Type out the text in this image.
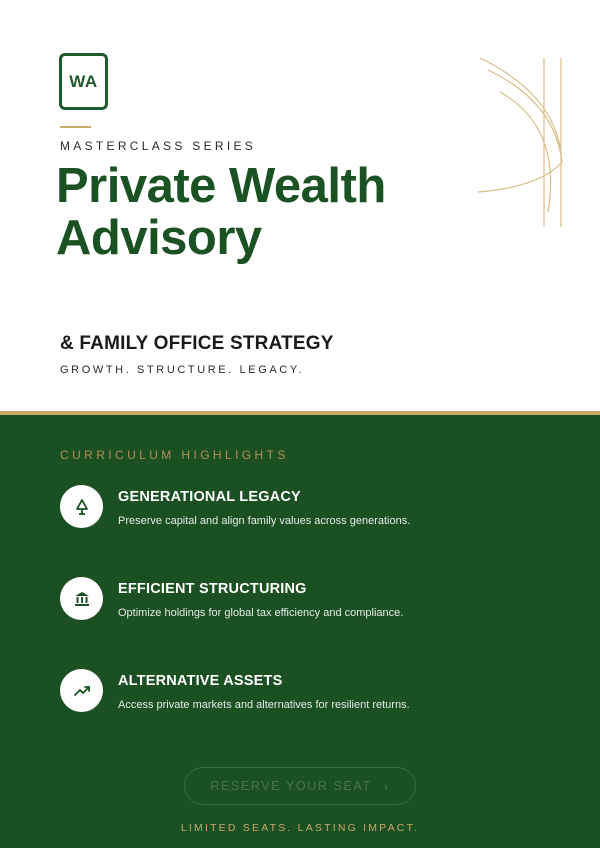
WA
MASTERCLASS SERIES
Private Wealth
Advisory
& FAMILY OFFICE STRATEGY
GROWTH. STRUCTURE. LEGACY.
CURRICULUM HIGHLIGHTS
GENERATIONAL LEGACY
Preserve capital and align family values across generations.
EFFICIENT STRUCTURING
Optimize holdings for global tax efficiency and compliance.
ALTERNATIVE ASSETS
Access private markets and alternatives for resilient returns.
RESERVE YOUR SEAT ›
LIMITED SEATS. LASTING IMPACT.
